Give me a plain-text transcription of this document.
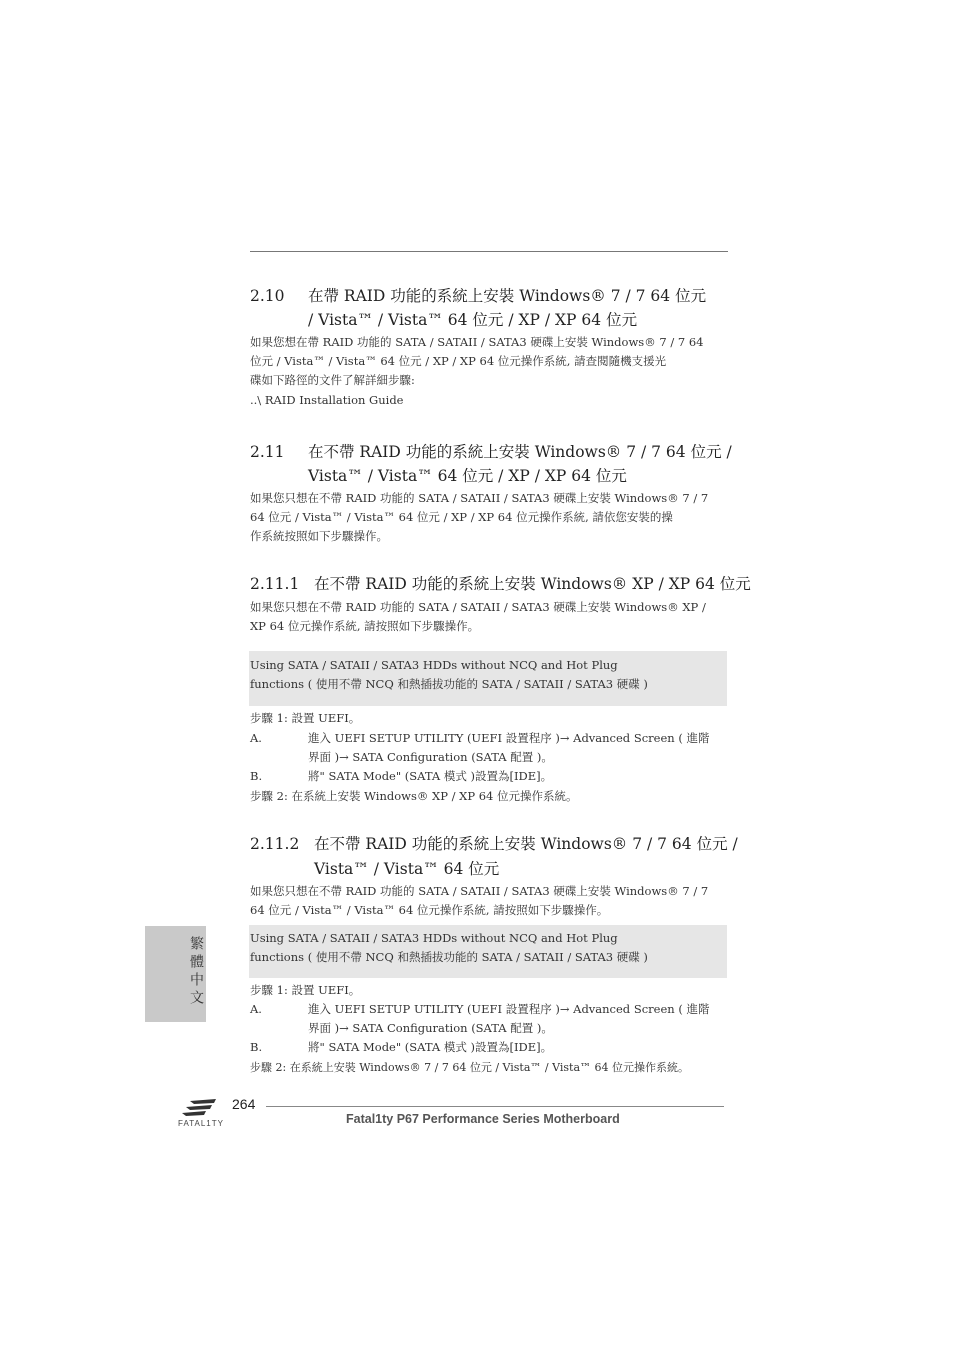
2.10 在帶 RAID 功能的系統上安裝 Windows® 7 / 7 64 位元
/ Vista™ / Vista™ 64 位元 / XP / XP 64 位元
如果您想在帶 RAID 功能的 SATA / SATAII / SATA3 硬碟上安裝 Windows® 7 / 7 64
位元 / Vista™ / Vista™ 64 位元 / XP / XP 64 位元操作系統, 請查閱隨機支援光
碟如下路徑的文件了解詳細步驟:
..\ RAID Installation Guide
2.11 在不帶 RAID 功能的系統上安裝 Windows® 7 / 7 64 位元 /
Vista™ / Vista™ 64 位元 / XP / XP 64 位元
如果您只想在不帶 RAID 功能的 SATA / SATAII / SATA3 硬碟上安裝 Windows® 7 / 7
64 位元 / Vista™ / Vista™ 64 位元 / XP / XP 64 位元操作系統, 請依您安裝的操
作系統按照如下步驟操作。
2.11.1 在不帶 RAID 功能的系統上安裝 Windows® XP / XP 64 位元
如果您只想在不帶 RAID 功能的 SATA / SATAII / SATA3 硬碟上安裝 Windows® XP /
XP 64 位元操作系統, 請按照如下步驟操作。
Using SATA / SATAII / SATA3 HDDs without NCQ and Hot Plug
functions ( 使用不帶 NCQ 和熱插拔功能的 SATA / SATAII / SATA3 硬碟 )
步驟 1: 設置 UEFI。
A.	進入 UEFI SETUP UTILITY (UEFI 設置程序 )→ Advanced Screen ( 進階
界面 )→ SATA Configuration (SATA 配置 )。
B.	將" SATA Mode" (SATA 模式 )設置為[IDE]。
步驟 2: 在系統上安裝 Windows® XP / XP 64 位元操作系統。
2.11.2 在不帶 RAID 功能的系統上安裝 Windows® 7 / 7 64 位元 /
Vista™ / Vista™ 64 位元
如果您只想在不帶 RAID 功能的 SATA / SATAII / SATA3 硬碟上安裝 Windows® 7 / 7
64 位元 / Vista™ / Vista™ 64 位元操作系統, 請按照如下步驟操作。
Using SATA / SATAII / SATA3 HDDs without NCQ and Hot Plug
functions ( 使用不帶 NCQ 和熱插拔功能的 SATA / SATAII / SATA3 硬碟 )
步驟 1: 設置 UEFI。
A.	進入 UEFI SETUP UTILITY (UEFI 設置程序 )→ Advanced Screen ( 進階
界面 )→ SATA Configuration (SATA 配置 )。
B.	將" SATA Mode" (SATA 模式 )設置為[IDE]。
步驟 2: 在系統上安裝 Windows® 7 / 7 64 位元 / Vista™ / Vista™ 64 位元操作系統。
繁體中文
FATAL1TY
264
Fatal1ty P67 Performance Series Motherboard
